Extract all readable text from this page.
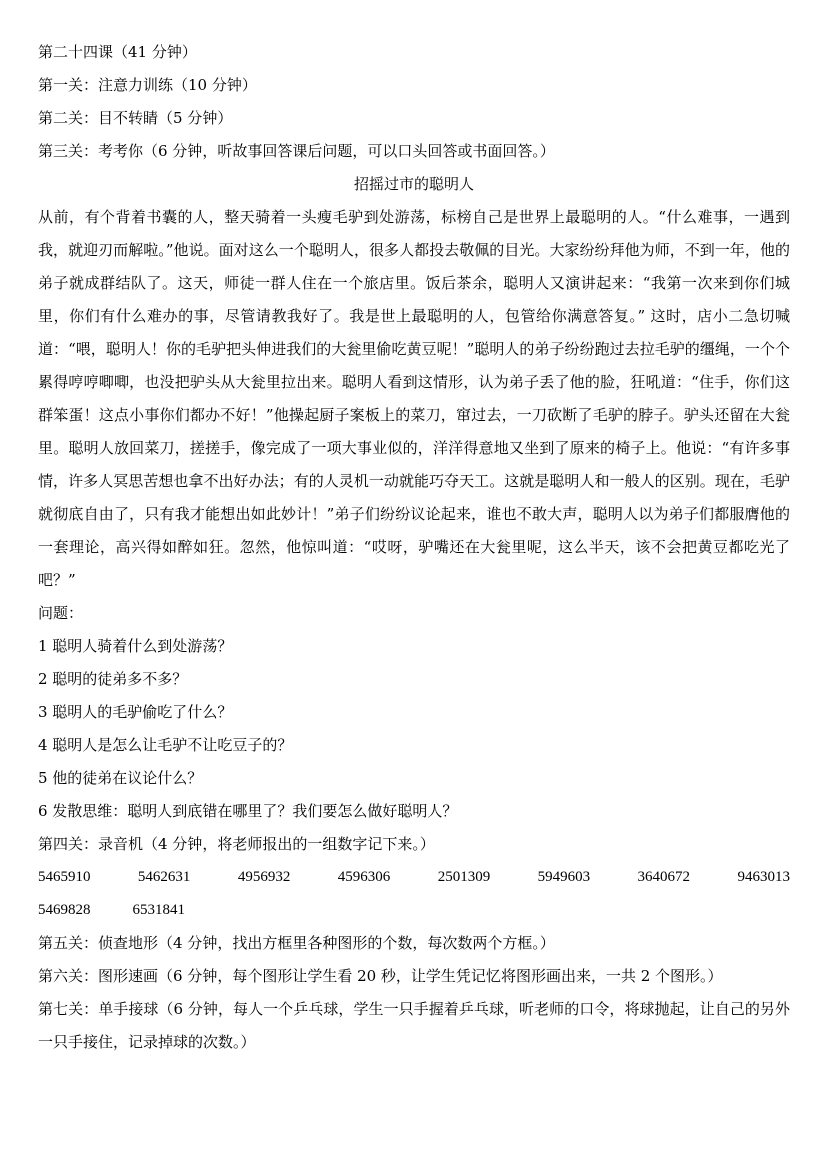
第二十四课（41 分钟）
第一关：注意力训练（10 分钟）
第二关：目不转睛（5 分钟）
第三关：考考你（6 分钟，听故事回答课后问题，可以口头回答或书面回答。）
招摇过市的聪明人

从前，有个背着书囊的人，整天骑着一头瘦毛驴到处游荡，标榜自己是世界上最聪明的人。“什么难事，一遇到我，就迎刃而解啦。”他说。面对这么一个聪明人，很多人都投去敬佩的目光。大家纷纷拜他为师，不到一年，他的弟子就成群结队了。这天，师徒一群人住在一个旅店里。饭后茶余，聪明人又演讲起来：“我第一次来到你们城里，你们有什么难办的事，尽管请教我好了。我是世上最聪明的人，包管给你满意答复。” 这时，店小二急切喊道：“喂，聪明人！你的毛驴把头伸进我们的大瓮里偷吃黄豆呢！”聪明人的弟子纷纷跑过去拉毛驴的缰绳，一个个累得哼哼唧唧，也没把驴头从大瓮里拉出来。聪明人看到这情形，认为弟子丢了他的脸，狂吼道：“住手，你们这群笨蛋！这点小事你们都办不好！”他操起厨子案板上的菜刀，窜过去，一刀砍断了毛驴的脖子。驴头还留在大瓮里。聪明人放回菜刀，搓搓手，像完成了一项大事业似的，洋洋得意地又坐到了原来的椅子上。他说：“有许多事情，许多人冥思苦想也拿不出好办法；有的人灵机一动就能巧夺天工。这就是聪明人和一般人的区别。现在，毛驴就彻底自由了，只有我才能想出如此妙计！”弟子们纷纷议论起来，谁也不敢大声，聪明人以为弟子们都服膺他的一套理论，高兴得如醉如狂。忽然，他惊叫道：“哎呀，驴嘴还在大瓮里呢，这么半天，该不会把黄豆都吃光了吧？”

问题：
1 聪明人骑着什么到处游荡？
2 聪明的徒弟多不多？
3 聪明人的毛驴偷吃了什么？
4 聪明人是怎么让毛驴不让吃豆子的？
5 他的徒弟在议论什么？
6 发散思维：聪明人到底错在哪里了？我们要怎么做好聪明人？
第四关：录音机（4 分钟，将老师报出的一组数字记下来。）
5465910	5462631	4956932	4596306	2501309	5949603	3640672	9463013
5469828	6531841
第五关：侦查地形（4 分钟，找出方框里各种图形的个数，每次数两个方框。）
第六关：图形速画（6 分钟，每个图形让学生看 20 秒，让学生凭记忆将图形画出来，一共 2 个图形。）
第七关：单手接球（6 分钟，每人一个乒乓球，学生一只手握着乒乓球，听老师的口令，将球抛起，让自己的另外一只手接住，记录掉球的次数。）
